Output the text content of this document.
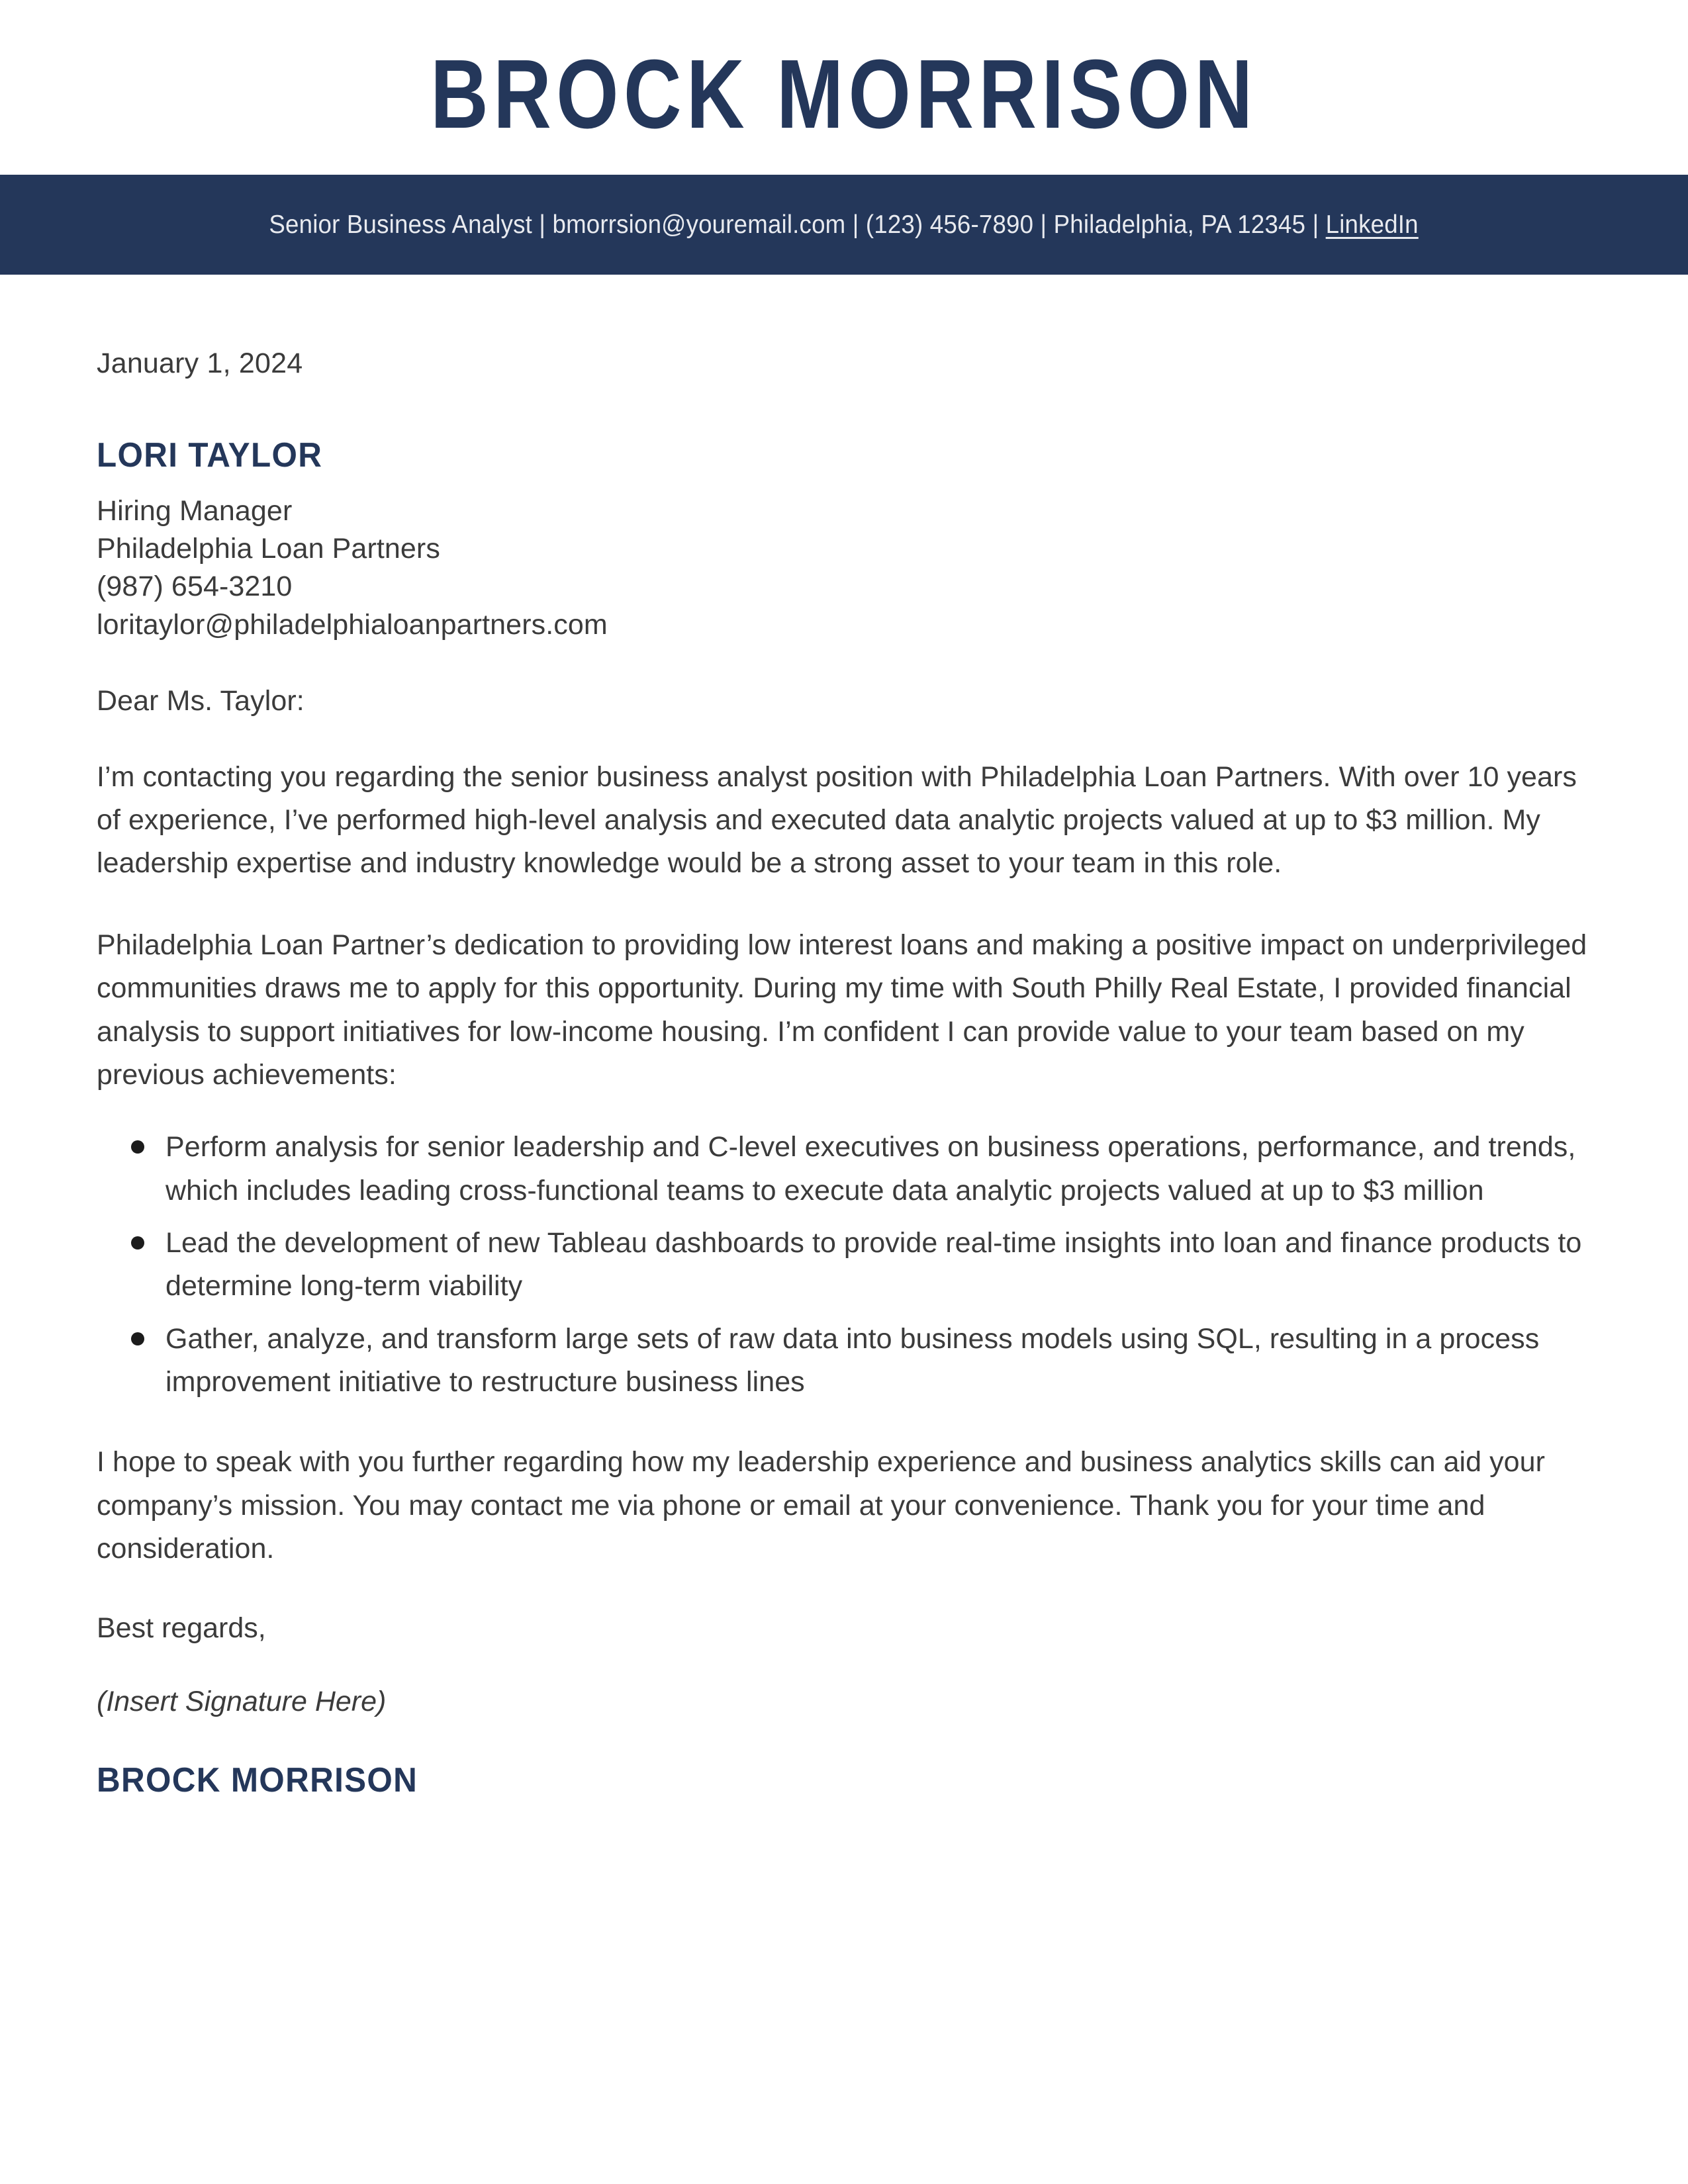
BROCK MORRISON
Senior Business Analyst | bmorrsion@youremail.com | (123) 456-7890 | Philadelphia, PA 12345 | LinkedIn
January 1, 2024
LORI TAYLOR
Hiring Manager
Philadelphia Loan Partners
(987) 654-3210
loritaylor@philadelphialoanpartners.com
Dear Ms. Taylor:

I’m contacting you regarding the senior business analyst position with Philadelphia Loan Partners. With over 10 years of experience, I’ve performed high-level analysis and executed data analytic projects valued at up to $3 million. My leadership expertise and industry knowledge would be a strong asset to your team in this role.

Philadelphia Loan Partner’s dedication to providing low interest loans and making a positive impact on underprivileged communities draws me to apply for this opportunity. During my time with South Philly Real Estate, I provided financial analysis to support initiatives for low-income housing. I’m confident I can provide value to your team based on my previous achievements:

Perform analysis for senior leadership and C-level executives on business operations, performance, and trends, which includes leading cross-functional teams to execute data analytic projects valued at up to $3 million
Lead the development of new Tableau dashboards to provide real-time insights into loan and finance products to determine long-term viability
Gather, analyze, and transform large sets of raw data into business models using SQL, resulting in a process improvement initiative to restructure business lines

I hope to speak with you further regarding how my leadership experience and business analytics skills can aid your company’s mission. You may contact me via phone or email at your convenience. Thank you for your time and consideration.

Best regards,
(Insert Signature Here)
BROCK MORRISON
